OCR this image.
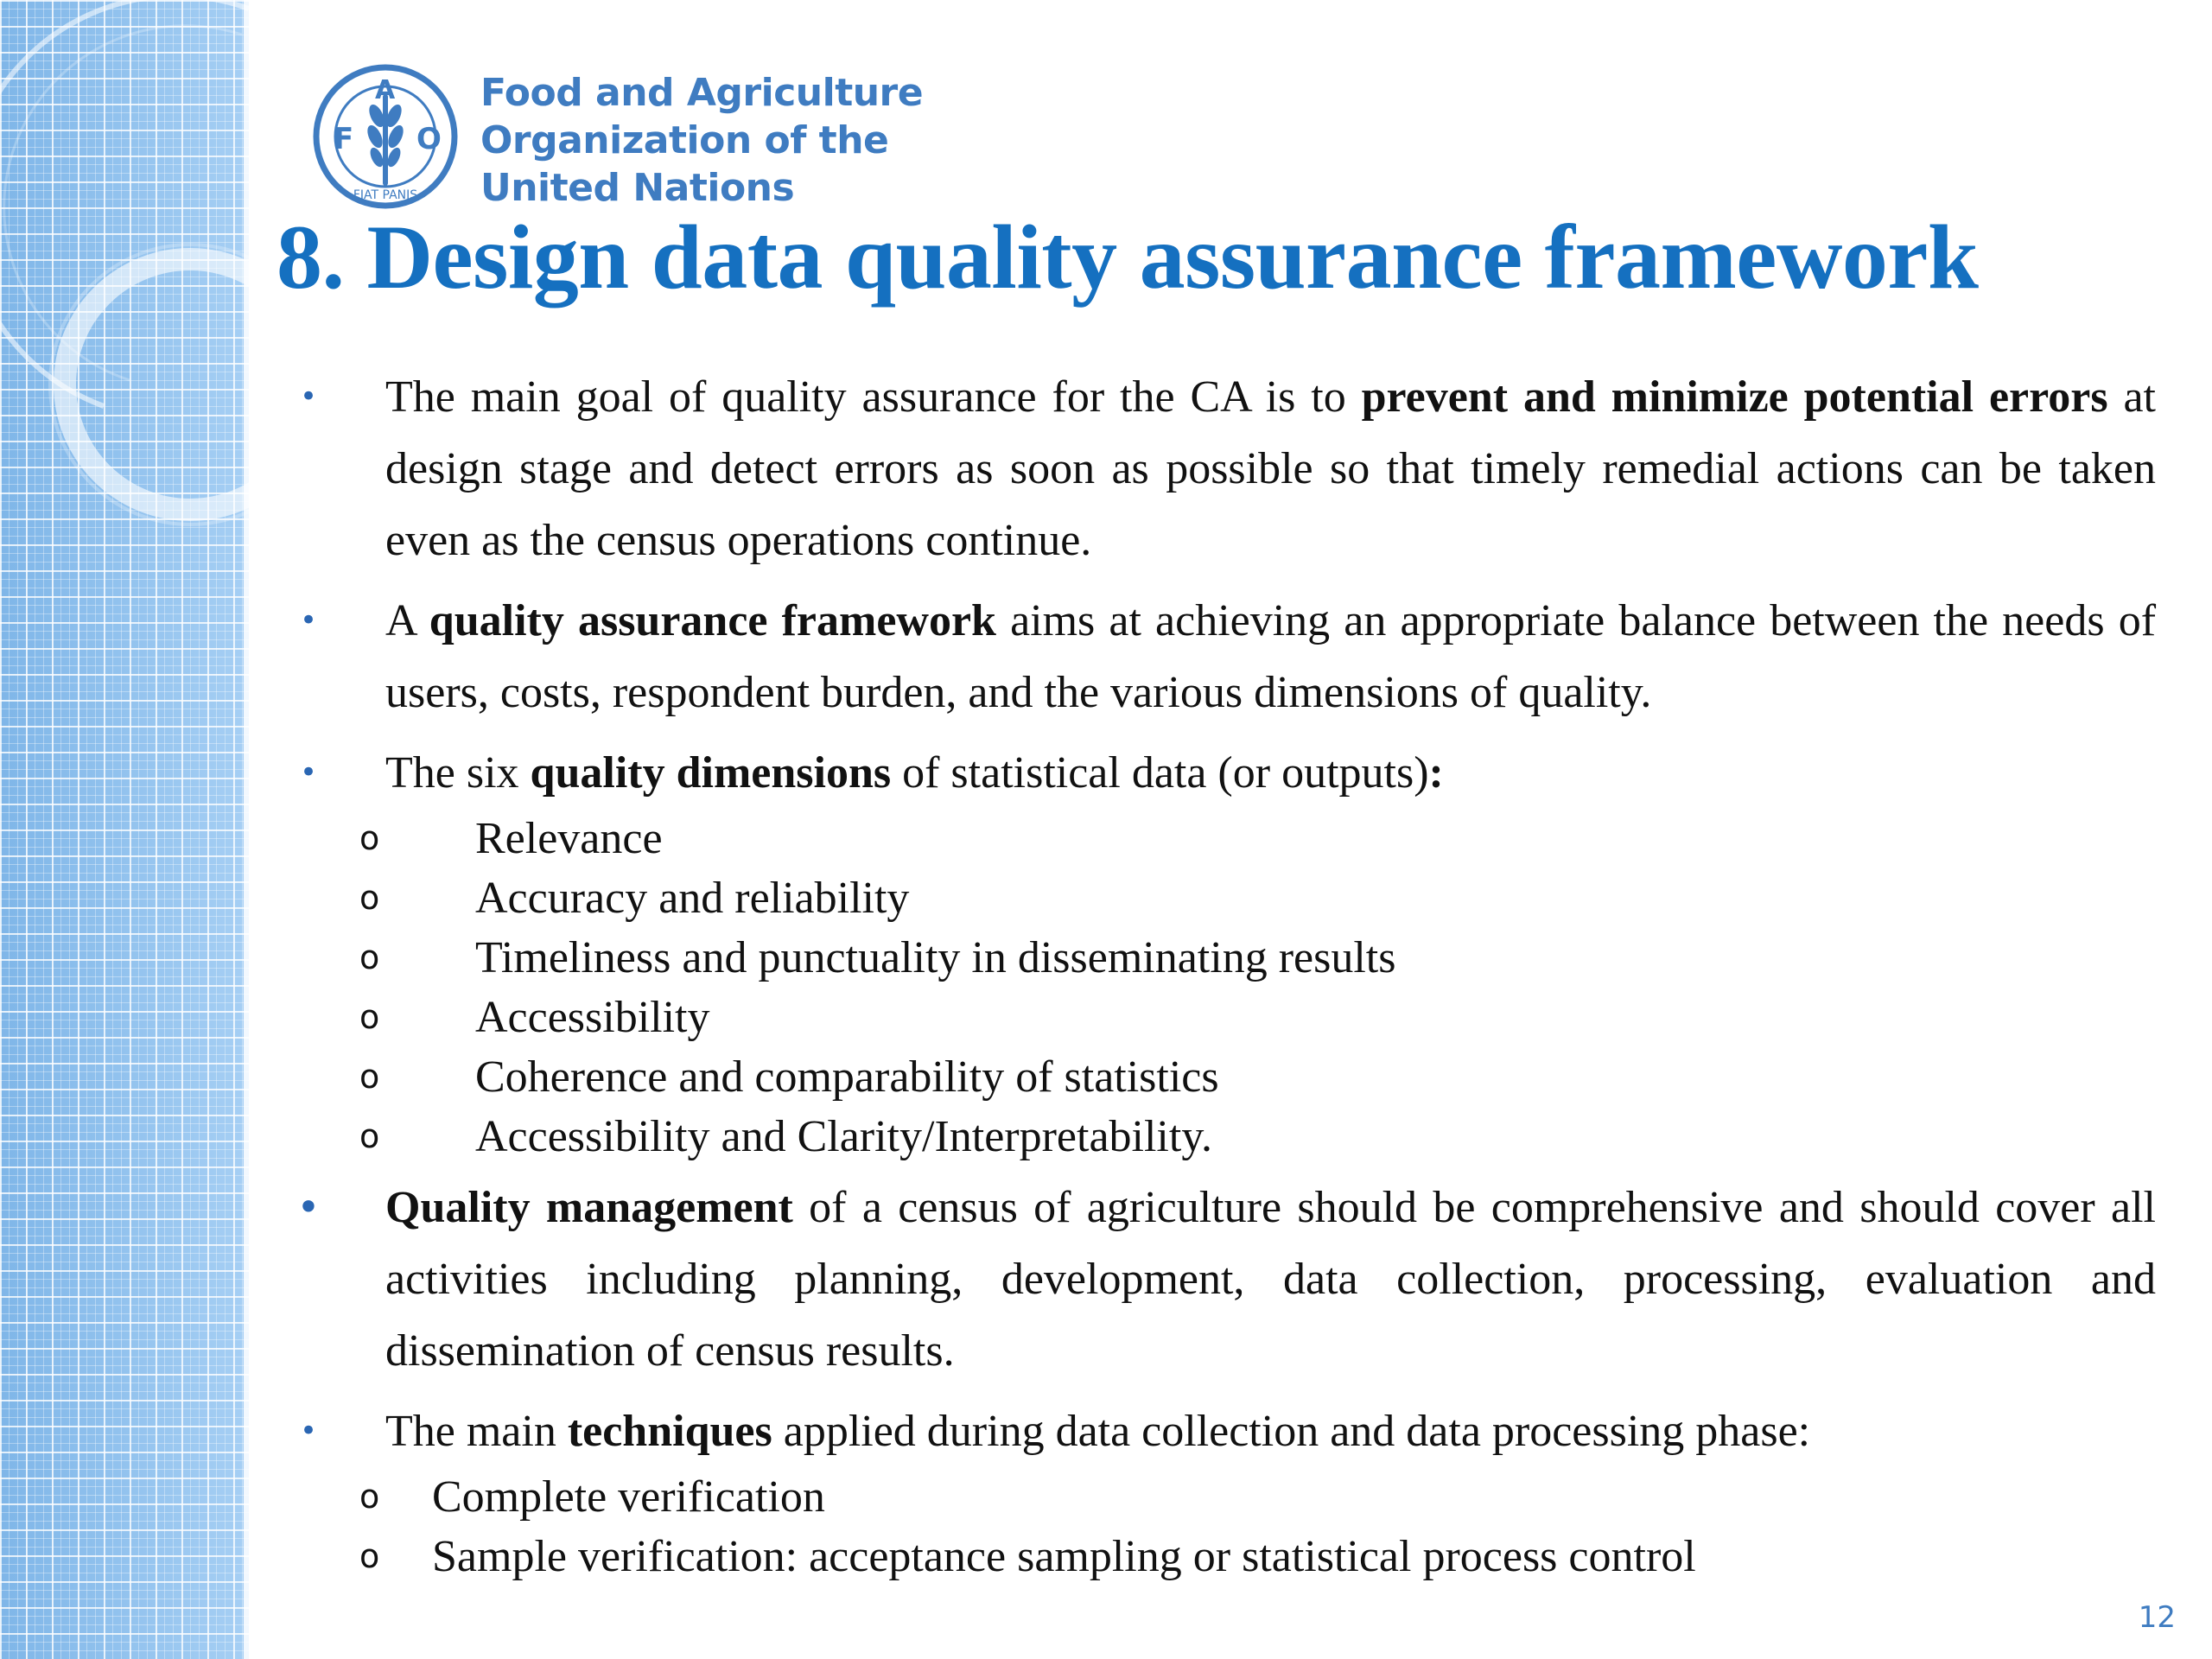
F
A
O
FIAT PANIS
Food and Agriculture
Organization of the
United Nations
8. Design data quality assurance framework
• The main goal of quality assurance for the CA is to prevent and minimize potential errors at design stage and detect errors as soon as possible so that timely remedial actions can be taken even as the census operations continue.
• A quality assurance framework aims at achieving an appropriate balance between the needs of users, costs, respondent burden, and the various dimensions of quality.
• The six quality dimensions of statistical data (or outputs):
o Relevance
o Accuracy and reliability
o Timeliness and punctuality in disseminating results
o Accessibility
o Coherence and comparability of statistics
o Accessibility and Clarity/Interpretability.
• Quality management of a census of agriculture should be comprehensive and should cover all activities including planning, development, data collection, processing, evaluation and dissemination of census results.
• The main techniques applied during data collection and data processing phase:
o Complete verification
o Sample verification: acceptance sampling or statistical process control
12
